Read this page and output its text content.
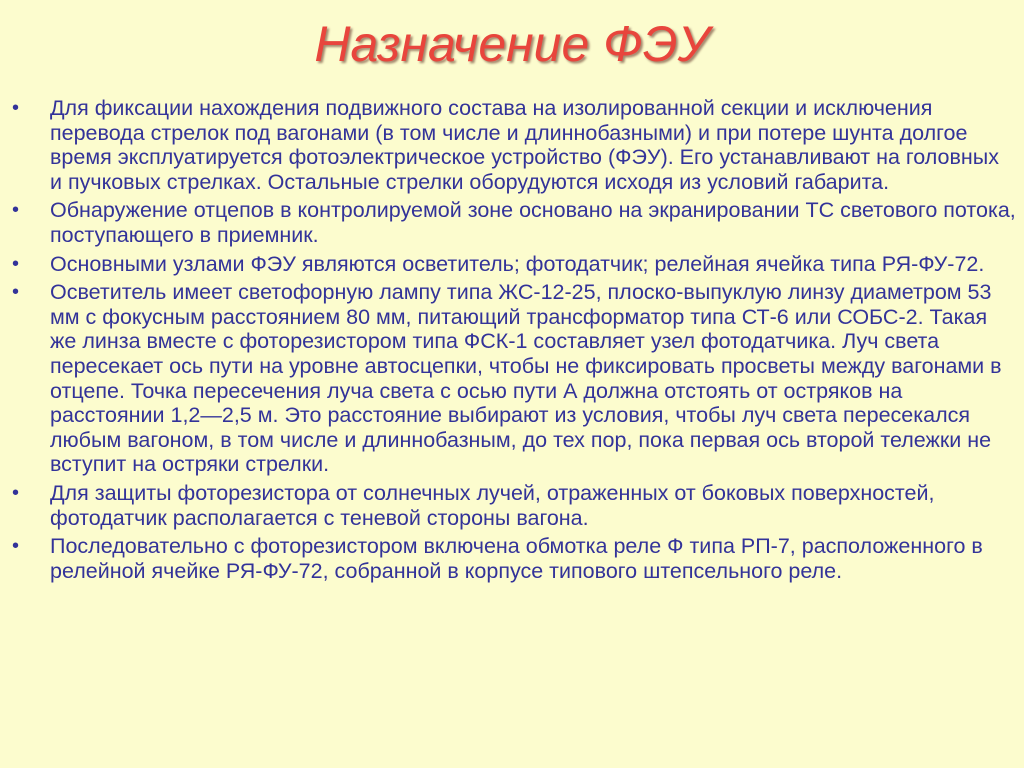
Назначение ФЭУ
•	Для фиксации нахождения подвижного состава на изолированной секции и исключения перевода стрелок под вагонами (в том числе и длиннобазными) и при потере шунта долгое время эксплуатируется фотоэлектрическое устройство (ФЭУ). Его устанавливают на головных и пучковых стрелках. Остальные стрелки оборудуются исходя из условий габарита.
•	Обнаружение отцепов в контролируемой зоне основано на экранировании ТС светового потока, поступающего в приемник.
•	Основными узлами ФЭУ являются осветитель; фотодатчик; релейная ячейка типа РЯ-ФУ-72.
•	Осветитель имеет светофорную лампу типа ЖС-12-25, плоско-выпуклую линзу диаметром 53 мм с фокусным расстоянием 80 мм, питающий трансформатор типа СТ-6 или СОБС-2. Такая же линза вместе с фоторезистором типа ФСК-1 составляет узел фотодатчика. Луч света пересекает ось пути на уровне автосцепки, чтобы не фиксировать просветы между вагонами в отцепе. Точка пересечения луча света с осью пути А должна отстоять от остряков на расстоянии 1,2—2,5 м. Это расстояние выбирают из условия, чтобы луч света пересекался любым вагоном, в том числе и длиннобазным, до тех пор, пока первая ось второй тележки не вступит на остряки стрелки.
•	Для защиты фоторезистора от солнечных лучей, отраженных от боковых поверхностей, фотодатчик располагается с теневой стороны вагона.
•	Последовательно с фоторезистором включена обмотка реле Ф типа РП-7, расположенного в релейной ячейке РЯ-ФУ-72, собранной в корпусе типового штепсельного реле.
